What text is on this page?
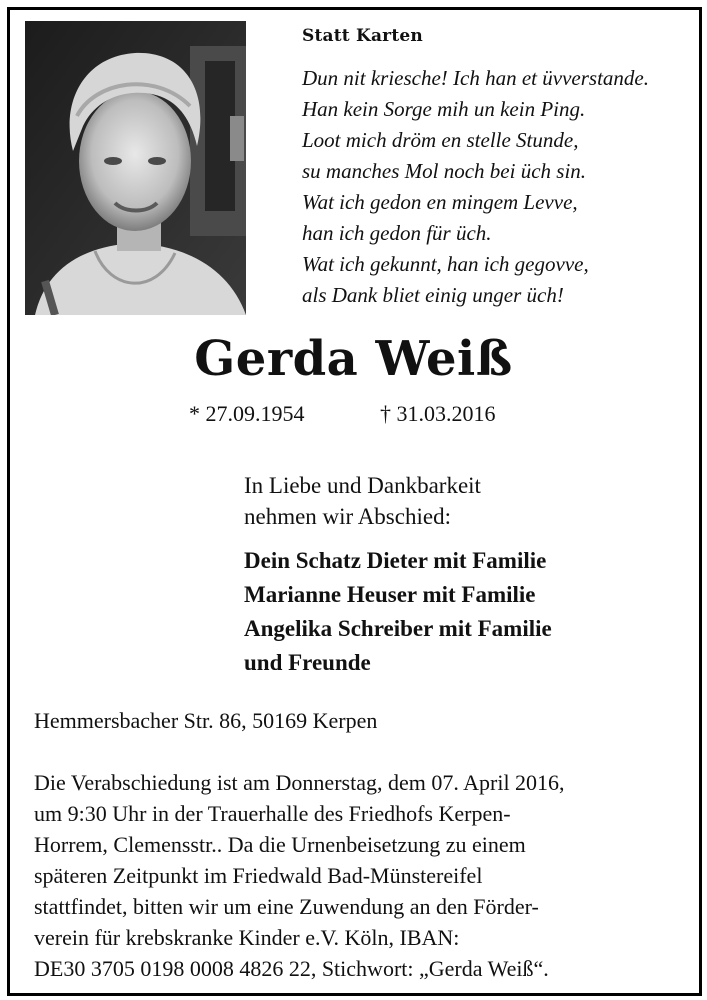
Statt Karten
Dun nit kriesche! Ich han et üvverstande.
Han kein Sorge mih un kein Ping.
Loot mich dröm en stelle Stunde,
su manches Mol noch bei üch sin.
Wat ich gedon en mingem Levve,
han ich gedon für üch.
Wat ich gekunnt, han ich gegovve,
als Dank bliet einig unger üch!
Gerda Weiß
* 27.09.1954	† 31.03.2016
In Liebe und Dankbarkeit
nehmen wir Abschied:
Dein Schatz Dieter mit Familie
Marianne Heuser mit Familie
Angelika Schreiber mit Familie
und Freunde
Hemmersbacher Str. 86, 50169 Kerpen
Die Verabschiedung ist am Donnerstag, dem 07. April 2016,
um 9:30 Uhr in der Trauerhalle des Friedhofs Kerpen-
Horrem, Clemensstr.. Da die Urnenbeisetzung zu einem
späteren Zeitpunkt im Friedwald Bad-Münstereifel
stattfindet, bitten wir um eine Zuwendung an den Förder-
verein für krebskranke Kinder e.V. Köln, IBAN:
DE30 3705 0198 0008 4826 22, Stichwort: „Gerda Weiß“.
